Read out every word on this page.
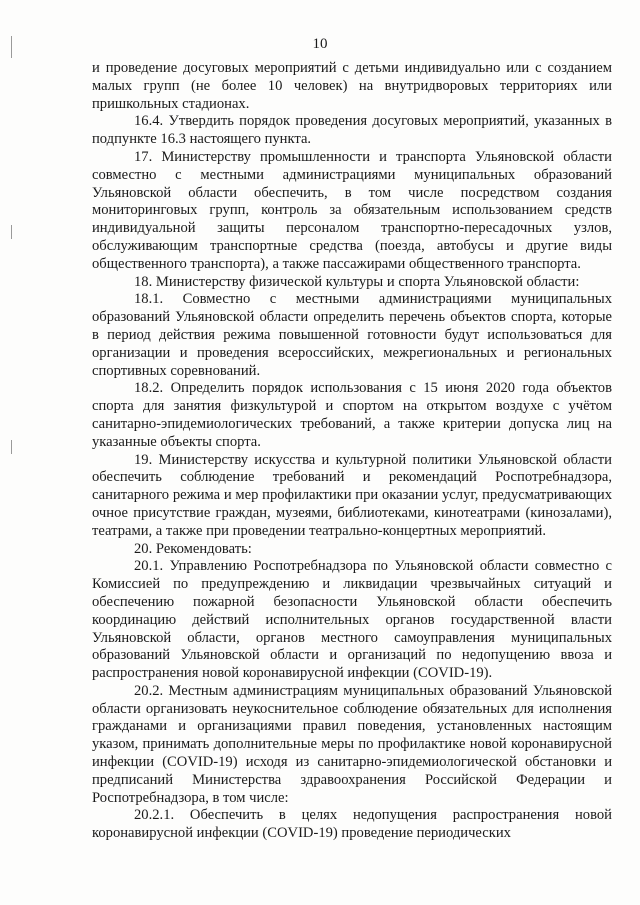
10

и проведение досуговых мероприятий с детьми индивидуально или с созданием малых групп (не более 10 человек) на внутридворовых территориях или пришкольных стадионах.

16.4. Утвердить порядок проведения досуговых мероприятий, указанных в подпункте 16.3 настоящего пункта.

17. Министерству промышленности и транспорта Ульяновской области совместно с местными администрациями муниципальных образований Ульяновской области обеспечить, в том числе посредством создания мониторинговых групп, контроль за обязательным использованием средств индивидуальной защиты персоналом транспортно-пересадочных узлов, обслуживающим транспортные средства (поезда, автобусы и другие виды общественного транспорта), а также пассажирами общественного транспорта.

18. Министерству физической культуры и спорта Ульяновской области:

18.1. Совместно с местными администрациями муниципальных образований Ульяновской области определить перечень объектов спорта, которые в период действия режима повышенной готовности будут использоваться для организации и проведения всероссийских, межрегиональных и региональных спортивных соревнований.

18.2. Определить порядок использования с 15 июня 2020 года объектов спорта для занятия физкультурой и спортом на открытом воздухе с учётом санитарно-эпидемиологических требований, а также критерии допуска лиц на указанные объекты спорта.

19. Министерству искусства и культурной политики Ульяновской области обеспечить соблюдение требований и рекомендаций Роспотребнадзора, санитарного режима и мер профилактики при оказании услуг, предусматривающих очное присутствие граждан, музеями, библиотеками, кинотеатрами (кинозалами), театрами, а также при проведении театрально-концертных мероприятий.

20. Рекомендовать:

20.1. Управлению Роспотребнадзора по Ульяновской области совместно с Комиссией по предупреждению и ликвидации чрезвычайных ситуаций и обеспечению пожарной безопасности Ульяновской области обеспечить координацию действий исполнительных органов государственной власти Ульяновской области, органов местного самоуправления муниципальных образований Ульяновской области и организаций по недопущению ввоза и распространения новой коронавирусной инфекции (COVID-19).

20.2. Местным администрациям муниципальных образований Ульяновской области организовать неукоснительное соблюдение обязательных для исполнения гражданами и организациями правил поведения, установленных настоящим указом, принимать дополнительные меры по профилактике новой коронавирусной инфекции (COVID-19) исходя из санитарно-эпидемиологической обстановки и предписаний Министерства здравоохранения Российской Федерации и Роспотребнадзора, в том числе:

20.2.1. Обеспечить в целях недопущения распространения новой коронавирусной инфекции (COVID-19) проведение периодических
